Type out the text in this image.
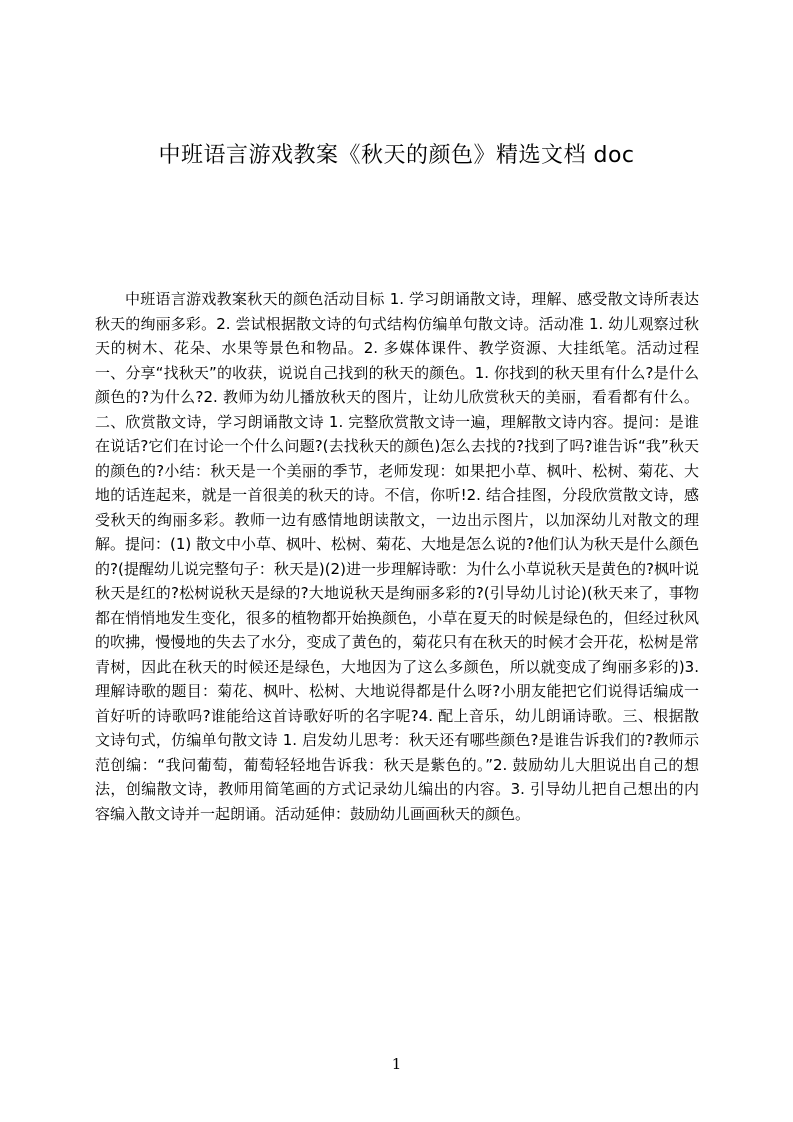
中班语言游戏教案《秋天的颜色》精选文档 doc

中班语言游戏教案秋天的颜色活动目标 1. 学习朗诵散文诗，理解、感受散文诗所表达秋天的绚丽多彩。2. 尝试根据散文诗的句式结构仿编单句散文诗。活动准 1. 幼儿观察过秋天的树木、花朵、水果等景色和物品。2. 多媒体课件、教学资源、大挂纸笔。活动过程一、分享“找秋天”的收获，说说自己找到的秋天的颜色。1. 你找到的秋天里有什么?是什么颜色的?为什么?2. 教师为幼儿播放秋天的图片，让幼儿欣赏秋天的美丽，看看都有什么。二、欣赏散文诗，学习朗诵散文诗 1. 完整欣赏散文诗一遍，理解散文诗内容。提问：是谁在说话?它们在讨论一个什么问题?(去找秋天的颜色)怎么去找的?找到了吗?谁告诉“我”秋天的颜色的?小结：秋天是一个美丽的季节，老师发现：如果把小草、枫叶、松树、菊花、大地的话连起来，就是一首很美的秋天的诗。不信，你听!2. 结合挂图，分段欣赏散文诗，感受秋天的绚丽多彩。教师一边有感情地朗读散文，一边出示图片，以加深幼儿对散文的理解。提问：(1) 散文中小草、枫叶、松树、菊花、大地是怎么说的?他们认为秋天是什么颜色的?(提醒幼儿说完整句子：秋天是)(2)进一步理解诗歌：为什么小草说秋天是黄色的?枫叶说秋天是红的?松树说秋天是绿的?大地说秋天是绚丽多彩的?(引导幼儿讨论)(秋天来了，事物都在悄悄地发生变化，很多的植物都开始换颜色，小草在夏天的时候是绿色的，但经过秋风的吹拂，慢慢地的失去了水分，变成了黄色的，菊花只有在秋天的时候才会开花，松树是常青树，因此在秋天的时候还是绿色，大地因为了这么多颜色，所以就变成了绚丽多彩的)3. 理解诗歌的题目：菊花、枫叶、松树、大地说得都是什么呀?小朋友能把它们说得话编成一首好听的诗歌吗?谁能给这首诗歌好听的名字呢?4. 配上音乐，幼儿朗诵诗歌。三、根据散文诗句式，仿编单句散文诗 1. 启发幼儿思考：秋天还有哪些颜色?是谁告诉我们的?教师示范创编：“我问葡萄，葡萄轻轻地告诉我：秋天是紫色的。”2. 鼓励幼儿大胆说出自己的想法，创编散文诗，教师用简笔画的方式记录幼儿编出的内容。3. 引导幼儿把自己想出的内容编入散文诗并一起朗诵。活动延伸：鼓励幼儿画画秋天的颜色。

1
